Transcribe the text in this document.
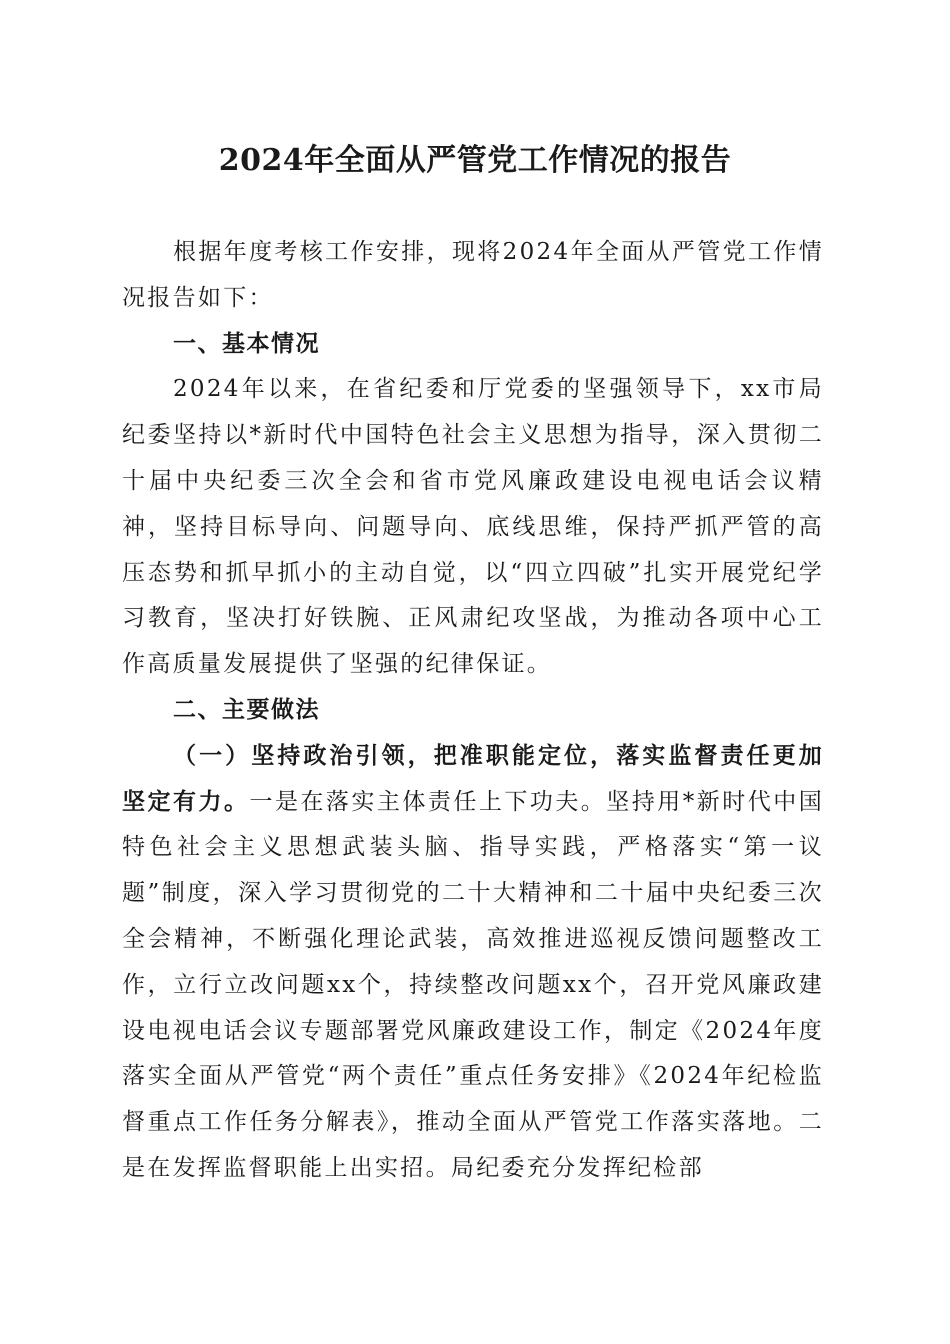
2024年全面从严管党工作情况的报告

根据年度考核工作安排，现将2024年全面从严管党工作情况报告如下：

一、基本情况

2024年以来，在省纪委和厅党委的坚强领导下，xx市局纪委坚持以*新时代中国特色社会主义思想为指导，深入贯彻二十届中央纪委三次全会和省市党风廉政建设电视电话会议精神，坚持目标导向、问题导向、底线思维，保持严抓严管的高压态势和抓早抓小的主动自觉，以“四立四破”扎实开展党纪学习教育，坚决打好铁腕、正风肃纪攻坚战，为推动各项中心工作高质量发展提供了坚强的纪律保证。

二、主要做法

（一）坚持政治引领，把准职能定位，落实监督责任更加坚定有力。一是在落实主体责任上下功夫。坚持用*新时代中国特色社会主义思想武装头脑、指导实践，严格落实“第一议题”制度，深入学习贯彻党的二十大精神和二十届中央纪委三次全会精神，不断强化理论武装，高效推进巡视反馈问题整改工作，立行立改问题xx个，持续整改问题xx个，召开党风廉政建设电视电话会议专题部署党风廉政建设工作，制定《2024年度落实全面从严管党“两个责任”重点任务安排》《2024年纪检监督重点工作任务分解表》，推动全面从严管党工作落实落地。二是在发挥监督职能上出实招。局纪委充分发挥纪检部
